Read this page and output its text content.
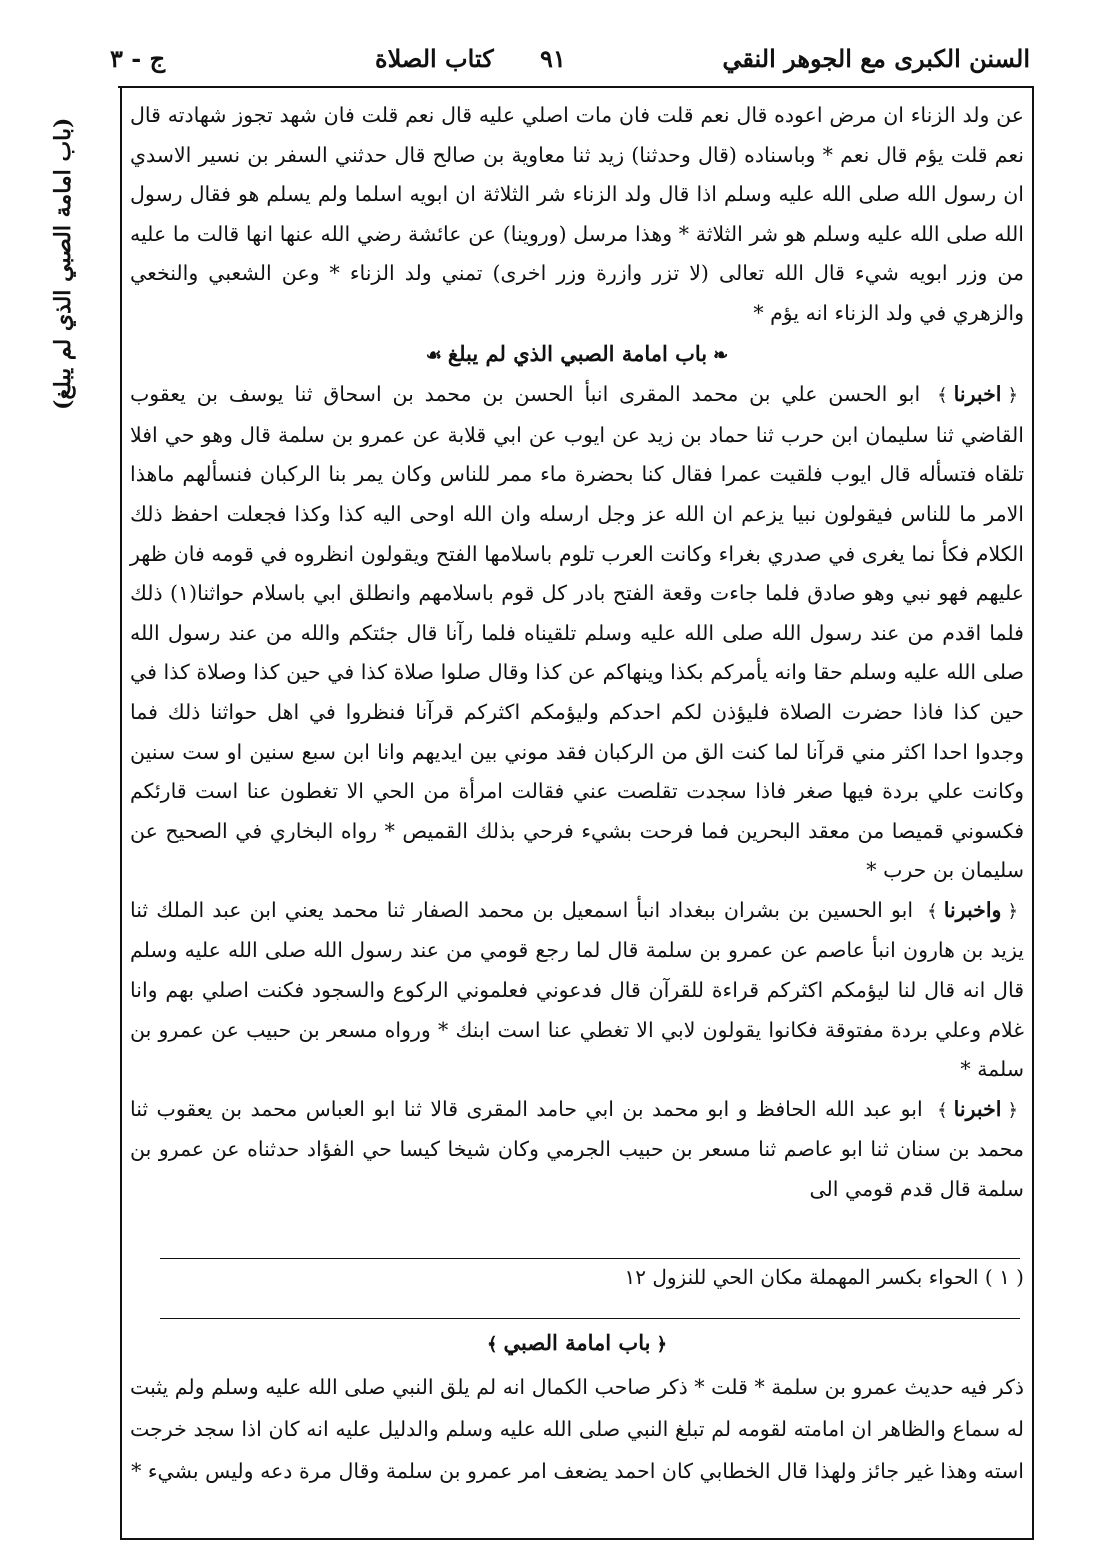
السنن الكبرى مع الجوهر النقي
٩١
كتاب الصلاة
ج - ٣
(باب امامة الصبي الذي لم يبلغ)	عن ولد الزناء ان مرض اعوده قال نعم قلت فان مات اصلي عليه قال نعم قلت فان شهد تجوز شهادته قال نعم قلت يؤم قال نعم * وباسناده (قال وحدثنا) زيد ثنا معاوية بن صالح قال حدثني السفر بن نسير الاسدي ان رسول الله صلى الله عليه وسلم اذا قال ولد الزناء شر الثلاثة ان ابويه اسلما ولم يسلم هو فقال رسول الله صلى الله عليه وسلم هو شر الثلاثة * وهذا مرسل (وروينا) عن عائشة رضي الله عنها انها قالت ما عليه من وزر ابويه شيء قال الله تعالى (لا تزر وازرة وزر اخرى) تمني ولد الزناء * وعن الشعبي والنخعي والزهري في ولد الزناء انه يؤم *

❧باب امامة الصبي الذي لم يبلغ☙

﴿اخبرنا﴾ ابو الحسن علي بن محمد المقرى انبأ الحسن بن محمد بن اسحاق ثنا يوسف بن يعقوب القاضي ثنا سليمان ابن حرب ثنا حماد بن زيد عن ايوب عن ابي قلابة عن عمرو بن سلمة قال وهو حي افلا تلقاه فتسأله قال ايوب فلقيت عمرا فقال كنا بحضرة ماء ممر للناس وكان يمر بنا الركبان فنسألهم ماهذا الامر ما للناس فيقولون نبيا يزعم ان الله عز وجل ارسله وان الله اوحى اليه كذا وكذا فجعلت احفظ ذلك الكلام فكأ نما يغرى في صدري بغراء وكانت العرب تلوم باسلامها الفتح ويقولون انظروه في قومه فان ظهر عليهم فهو نبي وهو صادق فلما جاءت وقعة الفتح بادر كل قوم باسلامهم وانطلق ابي باسلام حواثنا(١) ذلك فلما اقدم من عند رسول الله صلى الله عليه وسلم تلقيناه فلما رآنا قال جئتكم والله من عند رسول الله صلى الله عليه وسلم حقا وانه يأمركم بكذا وينهاكم عن كذا وقال صلوا صلاة كذا في حين كذا وصلاة كذا في حين كذا فاذا حضرت الصلاة فليؤذن لكم احدكم وليؤمكم اكثركم قرآنا فنظروا في اهل حواثنا ذلك فما وجدوا احدا اكثر مني قرآنا لما كنت الق من الركبان فقد موني بين ايديهم وانا ابن سبع سنين او ست سنين وكانت علي بردة فيها صغر فاذا سجدت تقلصت عني فقالت امرأة من الحي الا تغطون عنا است قارئكم فكسوني قميصا من معقد البحرين فما فرحت بشيء فرحي بذلك القميص * رواه البخاري في الصحيح عن سليمان بن حرب *

﴿واخبرنا﴾ ابو الحسين بن بشران ببغداد انبأ اسمعيل بن محمد الصفار ثنا محمد يعني ابن عبد الملك ثنا يزيد بن هارون انبأ عاصم عن عمرو بن سلمة قال لما رجع قومي من عند رسول الله صلى الله عليه وسلم قال انه قال لنا ليؤمكم اكثركم قراءة للقرآن قال فدعوني فعلموني الركوع والسجود فكنت اصلي بهم وانا غلام وعلي بردة مفتوقة فكانوا يقولون لابي الا تغطي عنا است ابنك * ورواه مسعر بن حبيب عن عمرو بن سلمة *

﴿اخبرنا﴾ ابو عبد الله الحافظ و ابو محمد بن ابي حامد المقرى قالا ثنا ابو العباس محمد بن يعقوب ثنا محمد بن سنان ثنا ابو عاصم ثنا مسعر بن حبيب الجرمي وكان شيخا كيسا حي الفؤاد حدثناه عن عمرو بن سلمة قال قدم قومي الى

( ١ ) الحواء بكسر المهملة مكان الحي للنزول ١٢

﴿باب امامة الصبي﴾

ذكر فيه حديث عمرو بن سلمة * قلت * ذكر صاحب الكمال انه لم يلق النبي صلى الله عليه وسلم ولم يثبت له سماع والظاهر ان امامته لقومه لم تبلغ النبي صلى الله عليه وسلم والدليل عليه انه كان اذا سجد خرجت استه وهذا غير جائز ولهذا قال الخطابي كان احمد يضعف امر عمرو بن سلمة وقال مرة دعه وليس بشيء *
